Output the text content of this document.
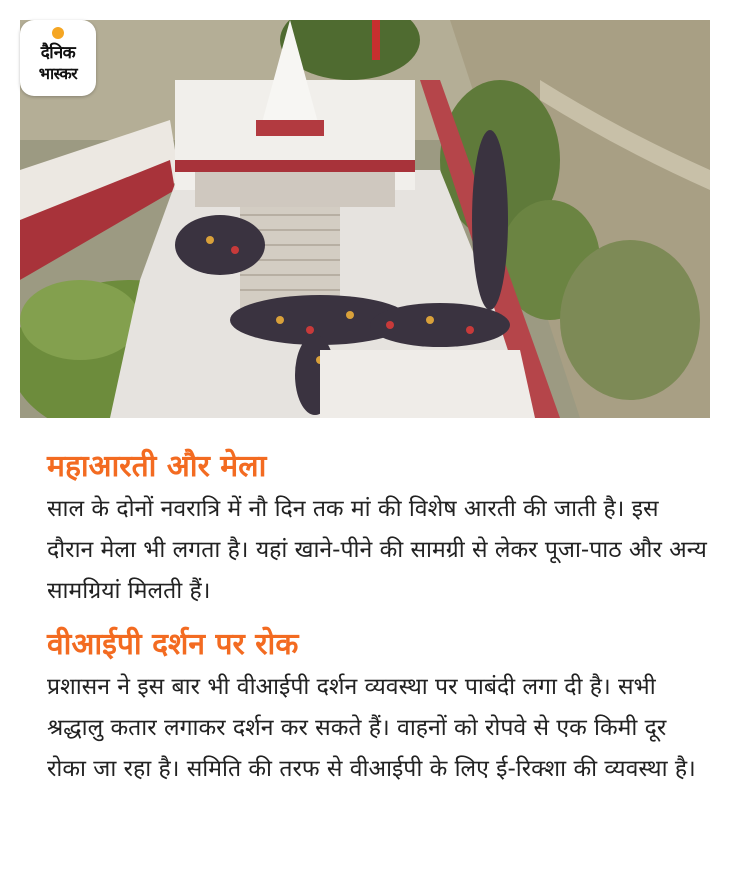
दैनिक
भास्कर
महाआरती और मेला

साल के दोनों नवरात्रि में नौ दिन तक मां की विशेष आरती की जाती है। इस दौरान मेला भी लगता है। यहां खाने-पीने की सामग्री से लेकर पूजा-पाठ और अन्य सामग्रियां मिलती हैं।

वीआईपी दर्शन पर रोक

प्रशासन ने इस बार भी वीआईपी दर्शन व्यवस्था पर पाबंदी लगा दी है। सभी श्रद्धालु कतार लगाकर दर्शन कर सकते हैं। वाहनों को रोपवे से एक किमी दूर रोका जा रहा है। समिति की तरफ से वीआईपी के लिए ई-रिक्शा की व्यवस्था है।
